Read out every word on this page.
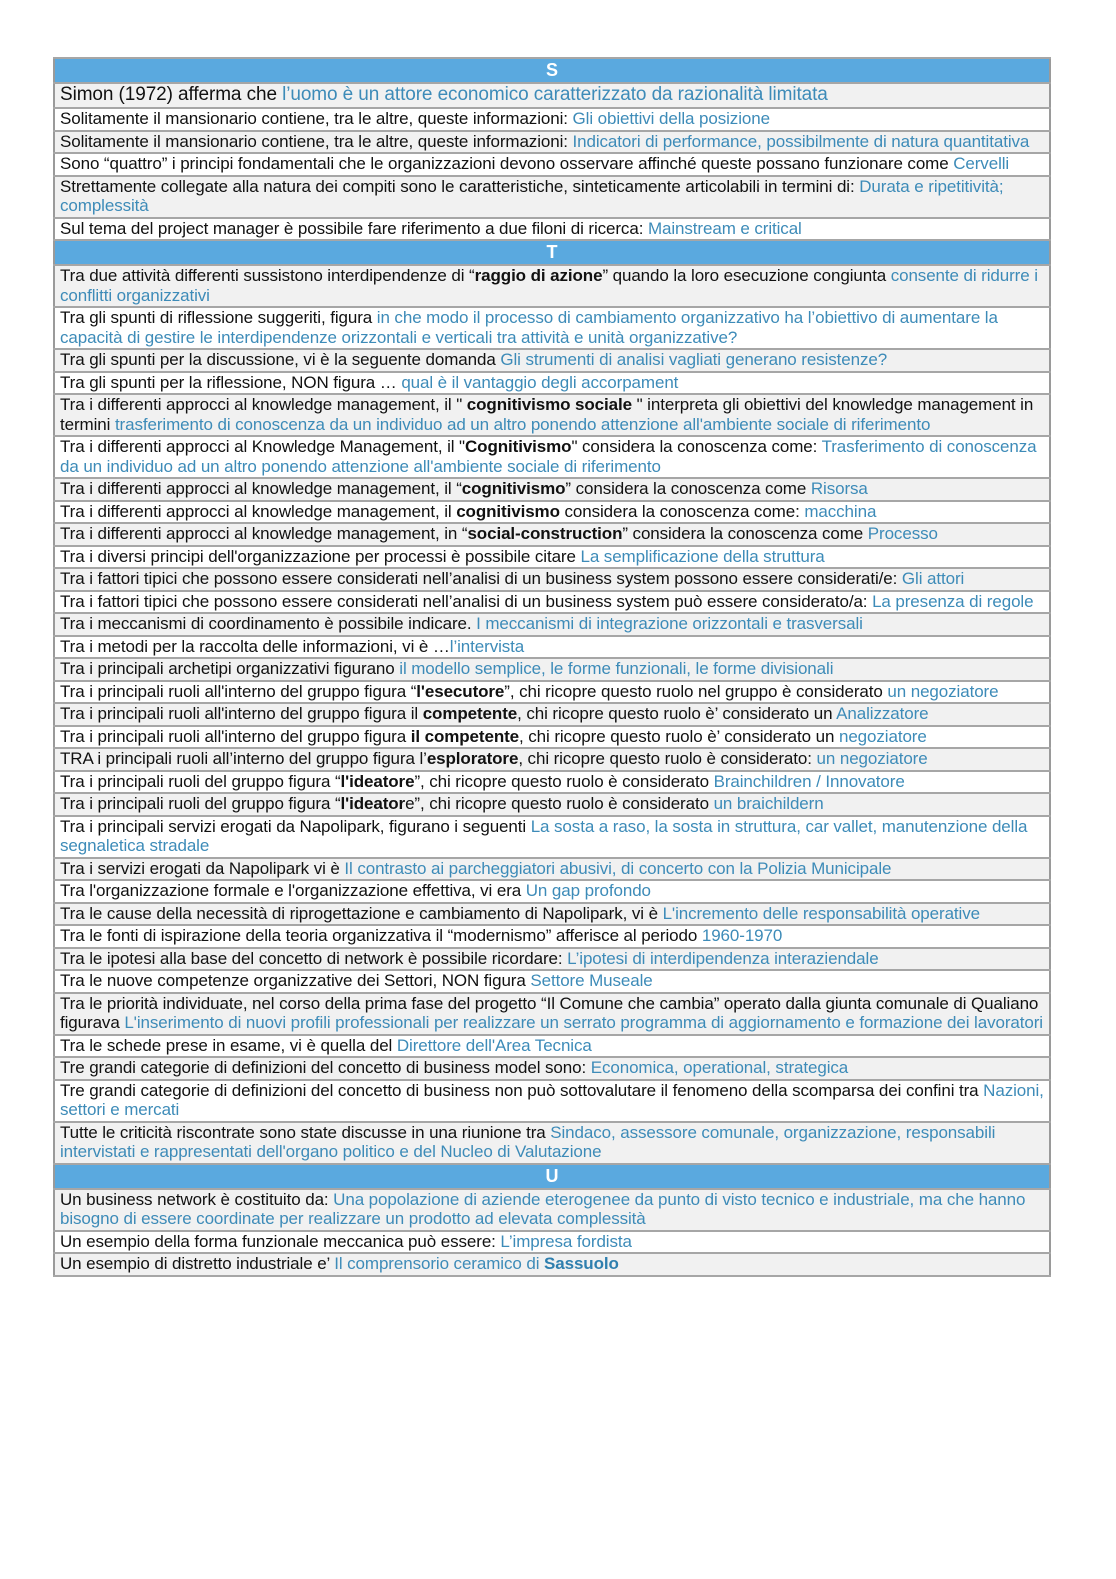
S
Simon (1972) afferma che l’uomo è un attore economico caratterizzato da razionalità limitata
Solitamente il mansionario contiene, tra le altre, queste informazioni: Gli obiettivi della posizione
Solitamente il mansionario contiene, tra le altre, queste informazioni: Indicatori di performance, possibilmente di natura quantitativa
Sono “quattro” i principi fondamentali che le organizzazioni devono osservare affinché queste possano funzionare come Cervelli
Strettamente collegate alla natura dei compiti sono le caratteristiche, sinteticamente articolabili in termini di: Durata e ripetitività; complessità
Sul tema del project manager è possibile fare riferimento a due filoni di ricerca: Mainstream e critical
T
Tra due attività differenti sussistono interdipendenze di “raggio di azione” quando la loro esecuzione congiunta consente di ridurre i conflitti organizzativi
Tra gli spunti di riflessione suggeriti, figura in che modo il processo di cambiamento organizzativo ha l’obiettivo di aumentare la capacità di gestire le interdipendenze orizzontali e verticali tra attività e unità organizzative?
Tra gli spunti per la discussione, vi è la seguente domanda Gli strumenti di analisi vagliati generano resistenze?
Tra gli spunti per la riflessione, NON figura … qual è il vantaggio degli accorpament
Tra i differenti approcci al knowledge management, il " cognitivismo sociale " interpreta gli obiettivi del knowledge management in termini trasferimento di conoscenza da un individuo ad un altro ponendo attenzione all'ambiente sociale di riferimento
Tra i differenti approcci al Knowledge Management, il "Cognitivismo" considera la conoscenza come: Trasferimento di conoscenza da un individuo ad un altro ponendo attenzione all'ambiente sociale di riferimento
Tra i differenti approcci al knowledge management, il “cognitivismo” considera la conoscenza come Risorsa
Tra i differenti approcci al knowledge management, il cognitivismo considera la conoscenza come: macchina
Tra i differenti approcci al knowledge management, in “social-construction” considera la conoscenza come Processo
Tra i diversi principi dell'organizzazione per processi è possibile citare La semplificazione della struttura
Tra i fattori tipici che possono essere considerati nell’analisi di un business system possono essere considerati/e: Gli attori
Tra i fattori tipici che possono essere considerati nell’analisi di un business system può essere considerato/a: La presenza di regole
Tra i meccanismi di coordinamento è possibile indicare. I meccanismi di integrazione orizzontali e trasversali
Tra i metodi per la raccolta delle informazioni, vi è …l’intervista
Tra i principali archetipi organizzativi figurano il modello semplice, le forme funzionali, le forme divisionali
Tra i principali ruoli all'interno del gruppo figura “l'esecutore”, chi ricopre questo ruolo nel gruppo è considerato un negoziatore
Tra i principali ruoli all'interno del gruppo figura il competente, chi ricopre questo ruolo è’ considerato un Analizzatore
Tra i principali ruoli all'interno del gruppo figura il competente, chi ricopre questo ruolo è’ considerato un negoziatore
TRA i principali ruoli all’interno del gruppo figura l’esploratore, chi ricopre questo ruolo è considerato: un negoziatore
Tra i principali ruoli del gruppo figura “l'ideatore”, chi ricopre questo ruolo è considerato Brainchildren / Innovatore
Tra i principali ruoli del gruppo figura “l'ideatore”, chi ricopre questo ruolo è considerato un braichildern
Tra i principali servizi erogati da Napolipark, figurano i seguenti La sosta a raso, la sosta in struttura, car vallet, manutenzione della segnaletica stradale
Tra i servizi erogati da Napolipark vi è Il contrasto ai parcheggiatori abusivi, di concerto con la Polizia Municipale
Tra l'organizzazione formale e l'organizzazione effettiva, vi era Un gap profondo
Tra le cause della necessità di riprogettazione e cambiamento di Napolipark, vi è L'incremento delle responsabilità operative
Tra le fonti di ispirazione della teoria organizzativa il “modernismo” afferisce al periodo 1960-1970
Tra le ipotesi alla base del concetto di network è possibile ricordare: L’ipotesi di interdipendenza interaziendale
Tra le nuove competenze organizzative dei Settori, NON figura Settore Museale
Tra le priorità individuate, nel corso della prima fase del progetto “Il Comune che cambia” operato dalla giunta comunale di Qualiano figurava L'inserimento di nuovi profili professionali per realizzare un serrato programma di aggiornamento e formazione dei lavoratori
Tra le schede prese in esame, vi è quella del Direttore dell'Area Tecnica
Tre grandi categorie di definizioni del concetto di business model sono: Economica, operational, strategica
Tre grandi categorie di definizioni del concetto di business non può sottovalutare il fenomeno della scomparsa dei confini tra Nazioni, settori e mercati
Tutte le criticità riscontrate sono state discusse in una riunione tra Sindaco, assessore comunale, organizzazione, responsabili intervistati e rappresentati dell'organo politico e del Nucleo di Valutazione
U
Un business network è costituito da: Una popolazione di aziende eterogenee da punto di visto tecnico e industriale, ma che hanno bisogno di essere coordinate per realizzare un prodotto ad elevata complessità
Un esempio della forma funzionale meccanica può essere: L’impresa fordista
Un esempio di distretto industriale e’ Il comprensorio ceramico di Sassuolo
